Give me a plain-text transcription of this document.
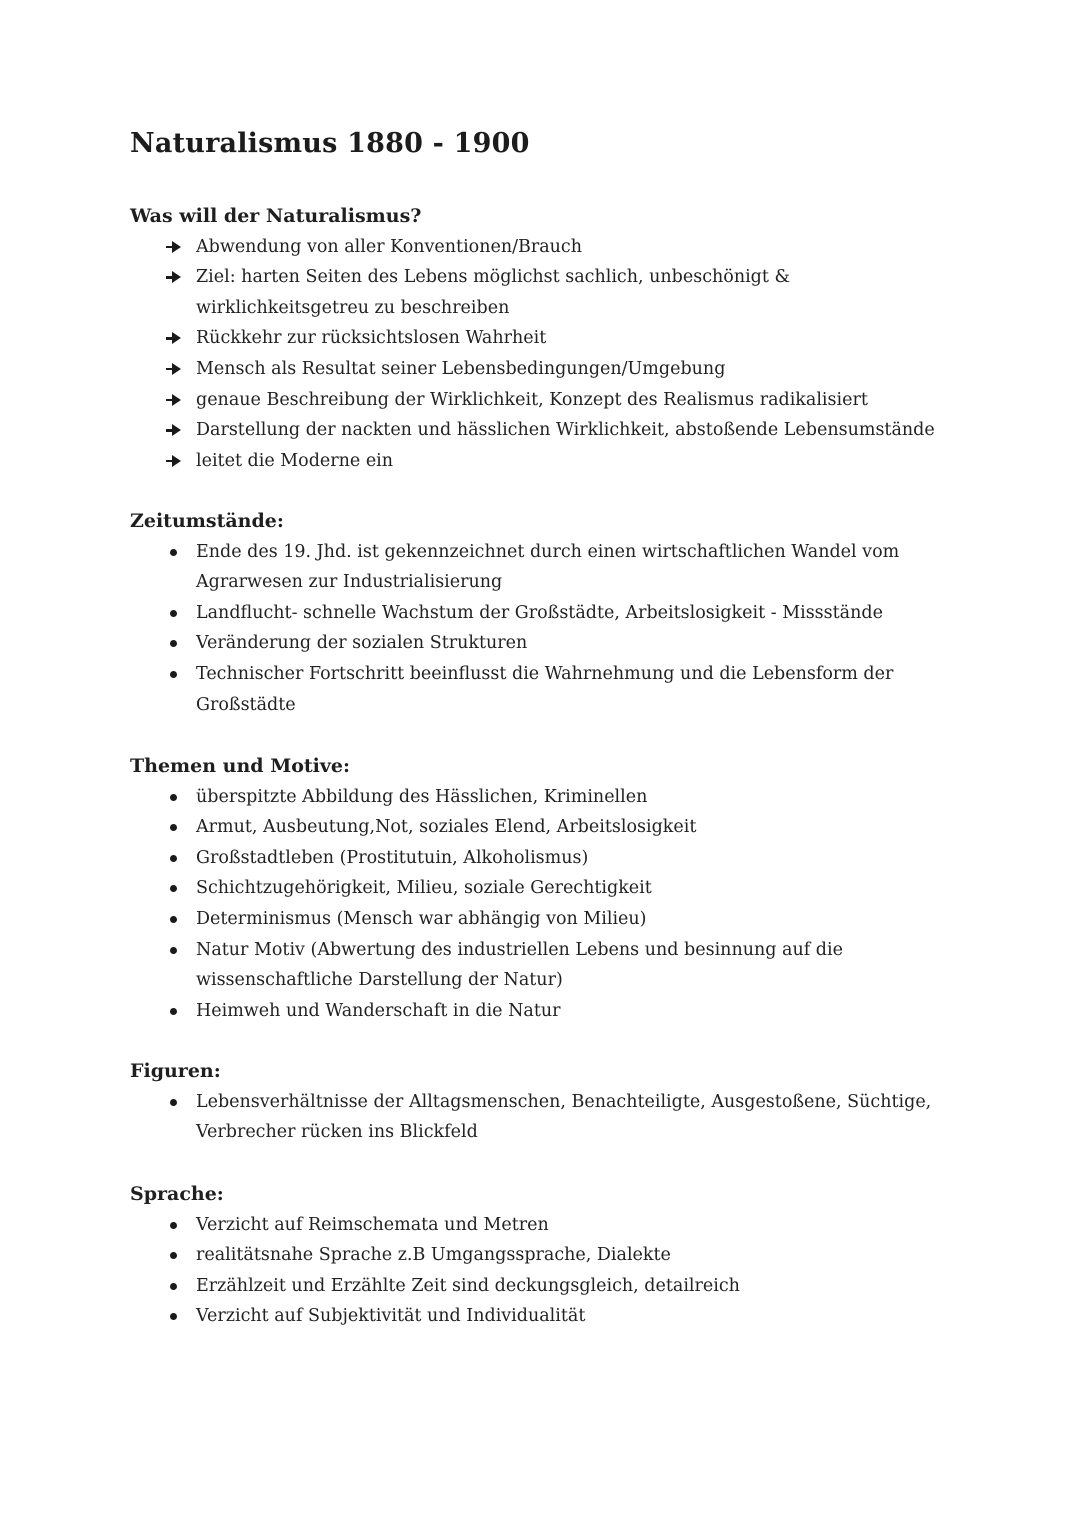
Naturalismus 1880 - 1900
Was will der Naturalismus?
Abwendung von aller Konventionen/Brauch
Ziel: harten Seiten des Lebens möglichst sachlich, unbeschönigt & wirklichkeitsgetreu zu beschreiben
Rückkehr zur rücksichtslosen Wahrheit
Mensch als Resultat seiner Lebensbedingungen/Umgebung
genaue Beschreibung der Wirklichkeit, Konzept des Realismus radikalisiert
Darstellung der nackten und hässlichen Wirklichkeit, abstoßende Lebensumstände
leitet die Moderne ein
Zeitumstände:
Ende des 19. Jhd. ist gekennzeichnet durch einen wirtschaftlichen Wandel vom Agrarwesen zur Industrialisierung
Landflucht- schnelle Wachstum der Großstädte, Arbeitslosigkeit - Missstände
Veränderung der sozialen Strukturen
Technischer Fortschritt beeinflusst die Wahrnehmung und die Lebensform der Großstädte
Themen und Motive:
überspitzte Abbildung des Hässlichen, Kriminellen
Armut, Ausbeutung,Not, soziales Elend, Arbeitslosigkeit
Großstadtleben (Prostitutuin, Alkoholismus)
Schichtzugehörigkeit, Milieu, soziale Gerechtigkeit
Determinismus (Mensch war abhängig von Milieu)
Natur Motiv (Abwertung des industriellen Lebens und besinnung auf die wissenschaftliche Darstellung der Natur)
Heimweh und Wanderschaft in die Natur
Figuren:
Lebensverhältnisse der Alltagsmenschen, Benachteiligte, Ausgestoßene, Süchtige, Verbrecher rücken ins Blickfeld
Sprache:
Verzicht auf Reimschemata und Metren
realitätsnahe Sprache z.B Umgangssprache, Dialekte
Erzählzeit und Erzählte Zeit sind deckungsgleich, detailreich
Verzicht auf Subjektivität und Individualität
